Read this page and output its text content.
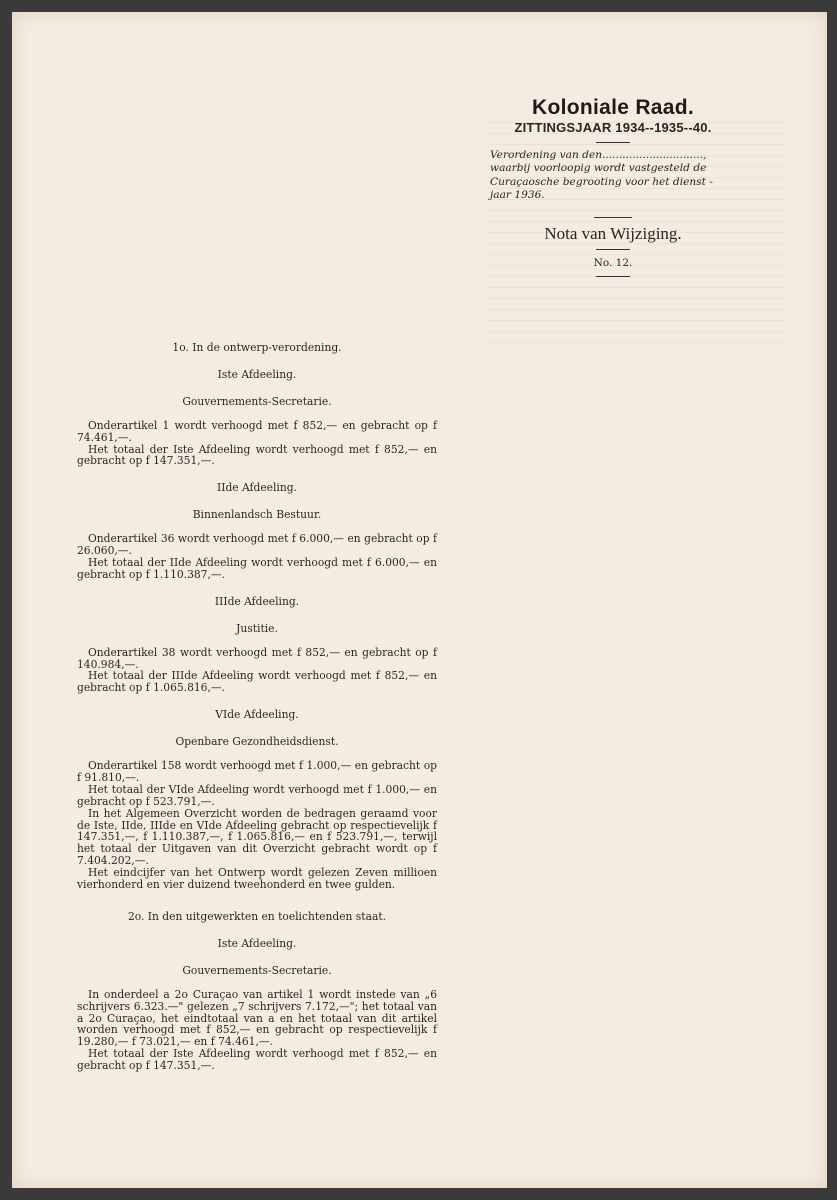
Koloniale Raad.
ZITTINGSJAAR 1934--1935--40.
Verordening van den..............................,
waarbij voorloopig wordt vastgesteld de
Curaçaosche begrooting voor het dienst -
jaar 1936.
Nota van Wijziging.
No. 12.
1o. In de ontwerp-verordening.
Iste Afdeeling.
Gouvernements-Secretarie.

Onderartikel 1 wordt verhoogd met f 852,— en gebracht op f 74.461,—.

Het totaal der Iste Afdeeling wordt verhoogd met f 852,— en gebracht op f 147.351,—.

IIde Afdeeling.
Binnenlandsch Bestuur.

Onderartikel 36 wordt verhoogd met f 6.000,— en gebracht op f 26.060,—.

Het totaal der IIde Afdeeling wordt verhoogd met f 6.000,— en gebracht op f 1.110.387,—.

IIIde Afdeeling.
Justitie.

Onderartikel 38 wordt verhoogd met f 852,— en gebracht op f 140.984,—.

Het totaal der IIIde Afdeeling wordt verhoogd met f 852,— en gebracht op f 1.065.816,—.

VIde Afdeeling.
Openbare Gezondheidsdienst.

Onderartikel 158 wordt verhoogd met f 1.000,— en gebracht op f 91.810,—.

Het totaal der VIde Afdeeling wordt verhoogd met f 1.000,— en gebracht op f 523.791,—.

In het Algemeen Overzicht worden de bedragen geraamd voor de Iste, IIde, IIIde en VIde Afdeeling gebracht op respectievelijk f 147.351,—, f 1.110.387,—, f 1.065.816,— en f 523.791,—, terwijl het totaal der Uitgaven van dit Overzicht gebracht wordt op f 7.404.202,—.

Het eindcijfer van het Ontwerp wordt gelezen Zeven millioen vierhonderd en vier duizend tweehonderd en twee gulden.

2o. In den uitgewerkten en toelichtenden staat.
Iste Afdeeling.
Gouvernements-Secretarie.

In onderdeel a 2o Curaçao van artikel 1 wordt instede van „6 schrijvers 6.323.—" gelezen „7 schrijvers 7.172,—"; het totaal van a 2o Curaçao, het eindtotaal van a en het totaal van dit artikel worden verhoogd met f 852,— en gebracht op respectievelijk f 19.280,— f 73.021,— en f 74.461,—.

Het totaal der Iste Afdeeling wordt verhoogd met f 852,— en gebracht op f 147.351,—.
